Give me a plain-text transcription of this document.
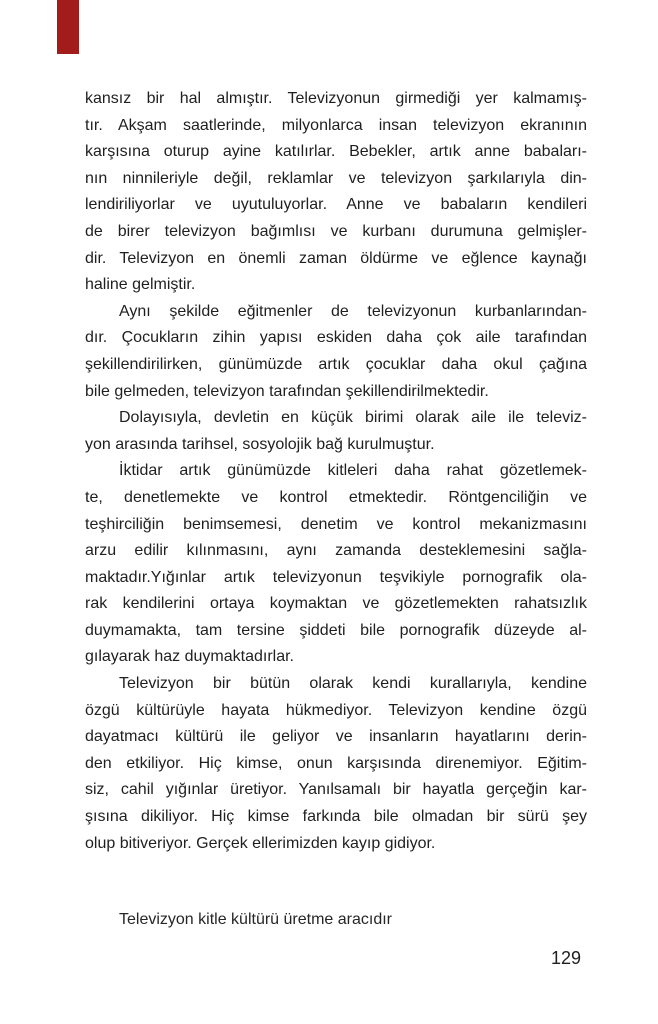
kansız bir hal almıştır. Televizyonun girmediği yer kalmamış-
tır. Akşam saatlerinde, milyonlarca insan televizyon ekranının
karşısına oturup ayine katılırlar. Bebekler, artık anne babaları-
nın ninnileriyle değil, reklamlar ve televizyon şarkılarıyla din-
lendiriliyorlar ve uyutuluyorlar. Anne ve babaların kendileri
de birer televizyon bağımlısı ve kurbanı durumuna gelmişler-
dir. Televizyon en önemli zaman öldürme ve eğlence kaynağı
haline gelmiştir.
Aynı şekilde eğitmenler de televizyonun kurbanlarından-
dır. Çocukların zihin yapısı eskiden daha çok aile tarafından
şekillendirilirken, günümüzde artık çocuklar daha okul çağına
bile gelmeden, televizyon tarafından şekillendirilmektedir.
Dolayısıyla, devletin en küçük birimi olarak aile ile televiz-
yon arasında tarihsel, sosyolojik bağ kurulmuştur.
İktidar artık günümüzde kitleleri daha rahat gözetlemek-
te, denetlemekte ve kontrol etmektedir. Röntgenciliğin ve
teşhirciliğin benimsemesi, denetim ve kontrol mekanizmasını
arzu edilir kılınmasını, aynı zamanda desteklemesini sağla-
maktadır.Yığınlar artık televizyonun teşvikiyle pornografik ola-
rak kendilerini ortaya koymaktan ve gözetlemekten rahatsızlık
duymamakta, tam tersine şiddeti bile pornografik düzeyde al-
gılayarak haz duymaktadırlar.
Televizyon bir bütün olarak kendi kurallarıyla, kendine
özgü kültürüyle hayata hükmediyor. Televizyon kendine özgü
dayatmacı kültürü ile geliyor ve insanların hayatlarını derin-
den etkiliyor. Hiç kimse, onun karşısında direnemiyor. Eğitim-
siz, cahil yığınlar üretiyor. Yanılsamalı bir hayatla gerçeğin kar-
şısına dikiliyor. Hiç kimse farkında bile olmadan bir sürü şey
olup bitiveriyor. Gerçek ellerimizden kayıp gidiyor.
Televizyon kitle kültürü üretme aracıdır
129
